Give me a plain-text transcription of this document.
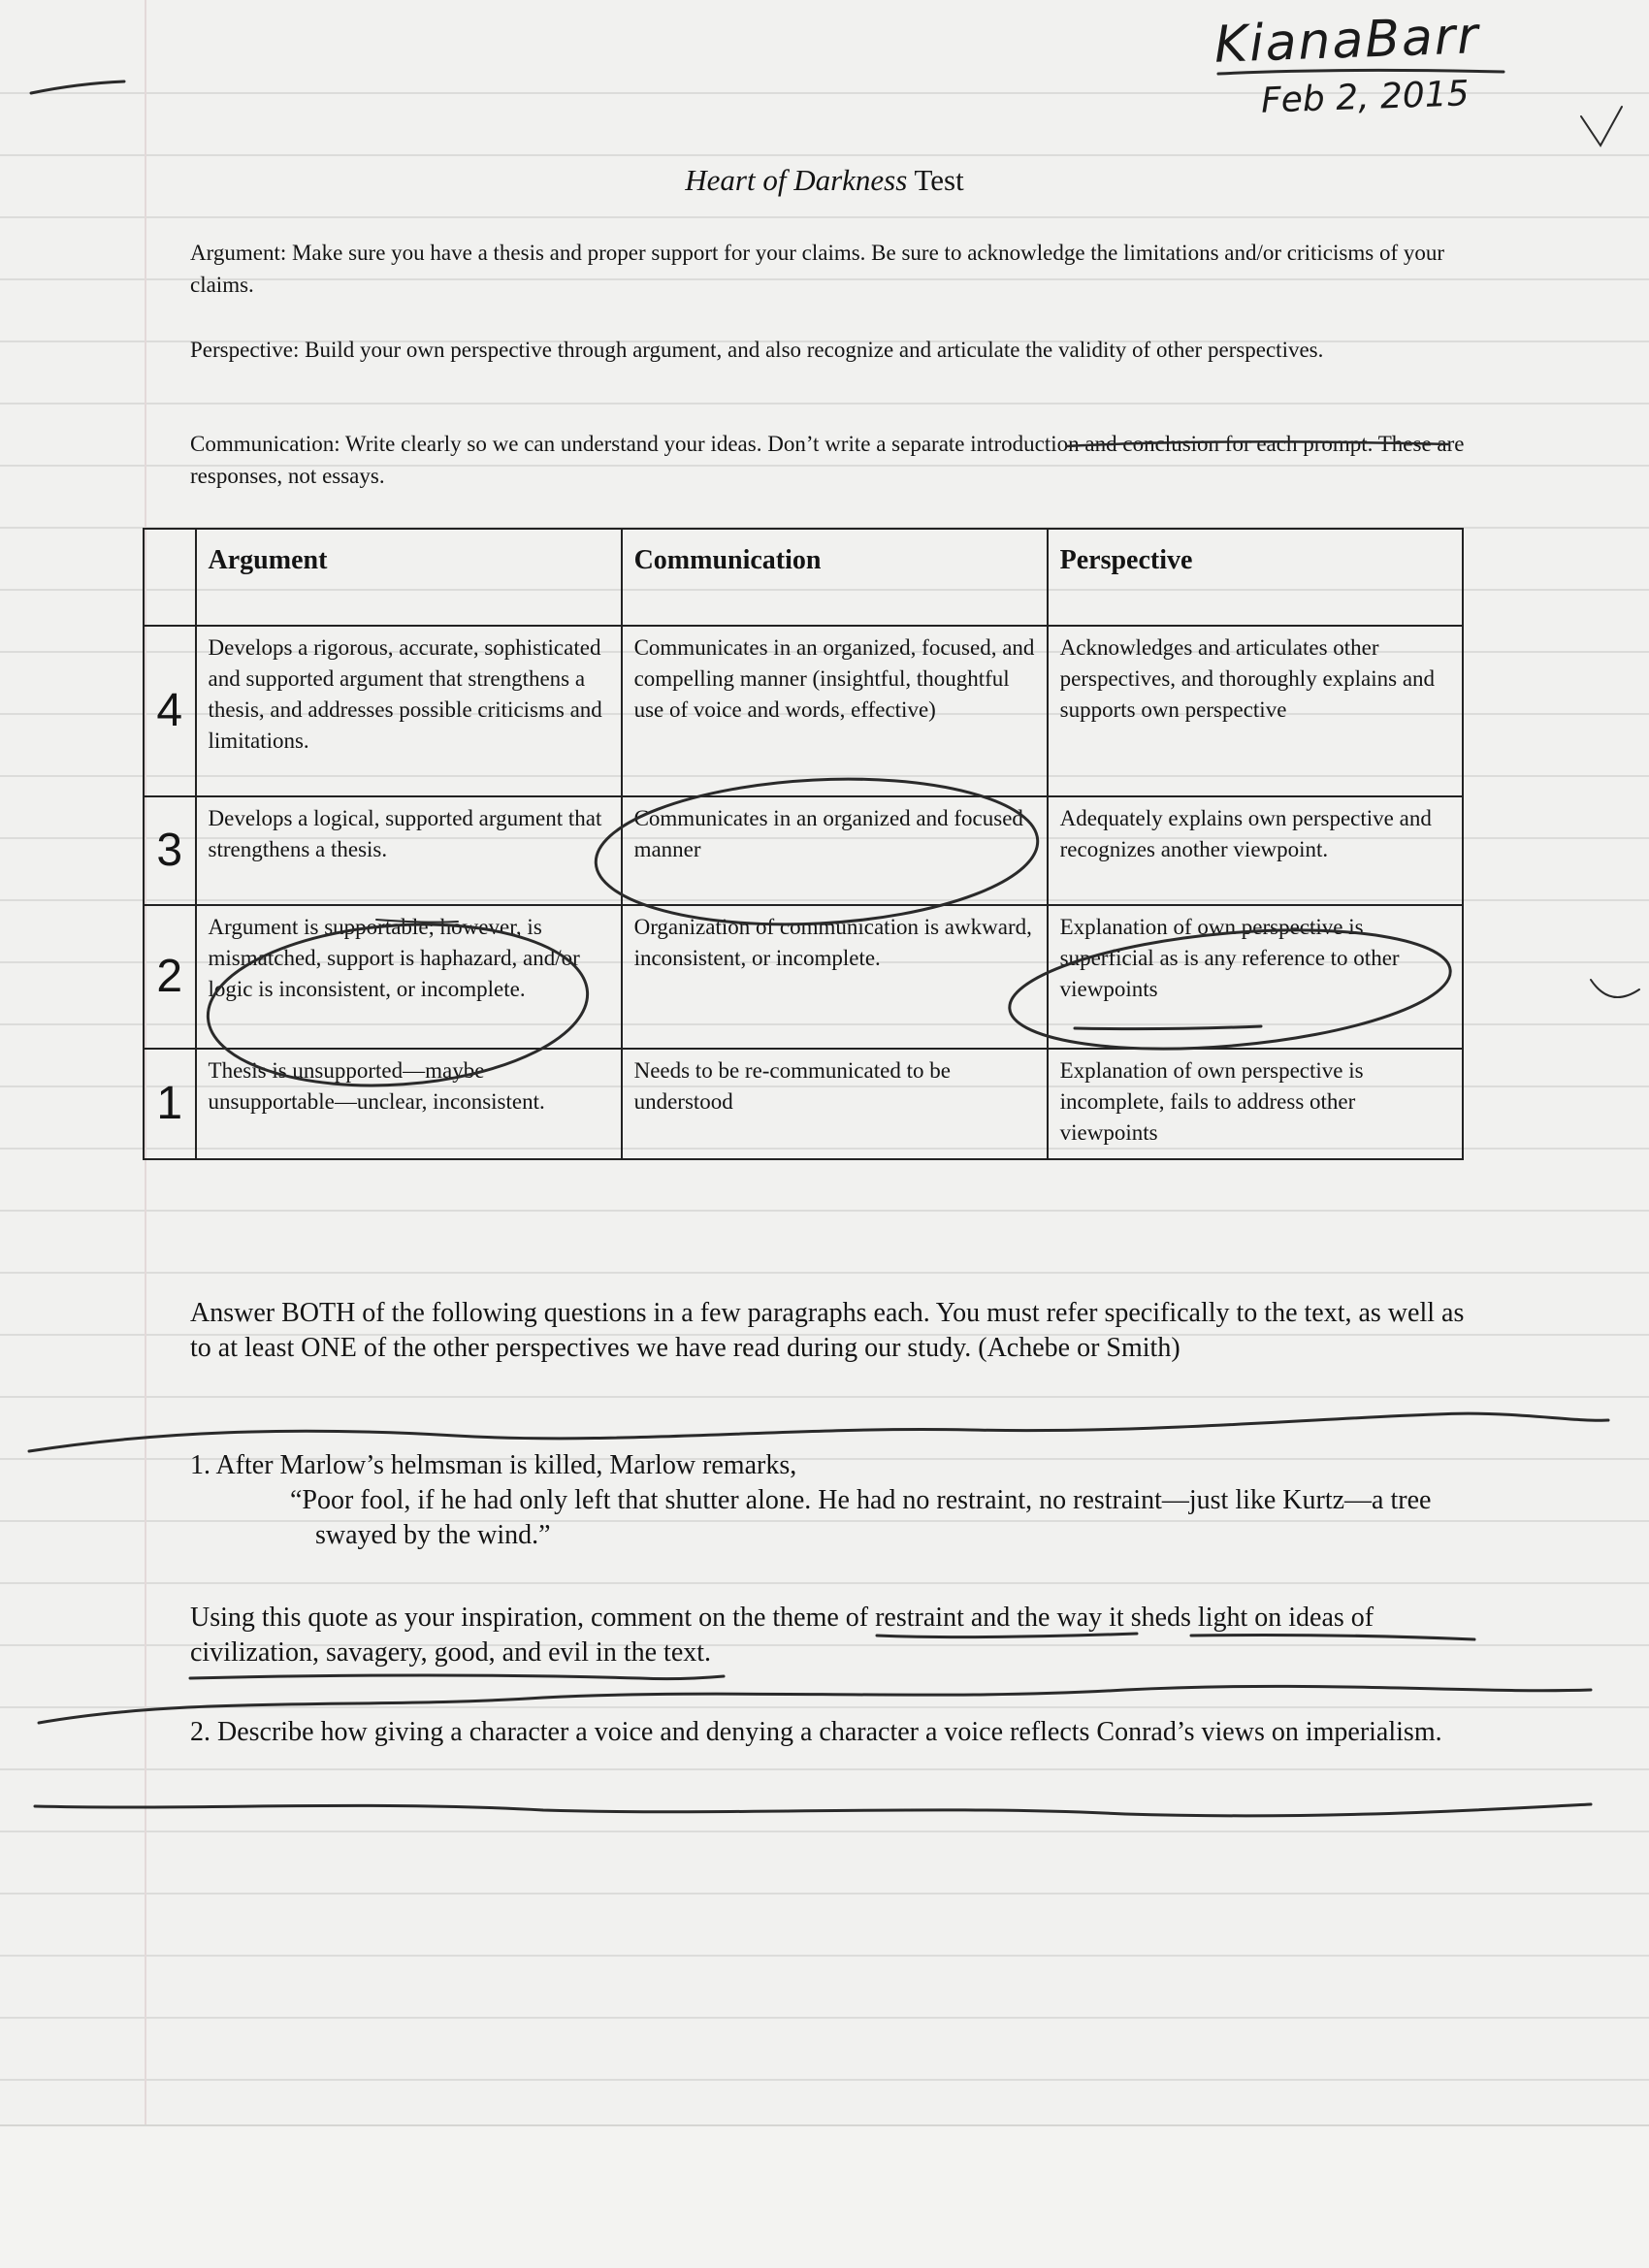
KianaBarr
Feb 2, 2015
Heart of Darkness Test
Argument: Make sure you have a thesis and proper support for your claims. Be sure to acknowledge the limitations and/or criticisms of your claims.
Perspective: Build your own perspective through argument, and also recognize and articulate the validity of other perspectives.
Communication: Write clearly so we can understand your ideas. Don’t write a separate introduction and conclusion for each prompt. These are responses, not essays.
	Argument	Communication	Perspective
4	Develops a rigorous, accurate, sophisticated and supported argument that strengthens a thesis, and addresses possible criticisms and limitations.	Communicates in an organized, focused, and compelling manner (insightful, thoughtful use of voice and words, effective)	Acknowledges and articulates other perspectives, and thoroughly explains and supports own perspective
3	Develops a logical, supported argument that strengthens a thesis.	Communicates in an organized and focused manner	Adequately explains own perspective and recognizes another viewpoint.
2	Argument is supportable; however, is mismatched, support is haphazard, and/or logic is inconsistent, or incomplete.	Organization of communication is awkward, inconsistent, or incomplete.	Explanation of own perspective is superficial as is any reference to other viewpoints
1	Thesis is unsupported—maybe unsupportable—unclear, inconsistent.	Needs to be re-communicated to be understood	Explanation of own perspective is incomplete, fails to address other viewpoints
Answer BOTH of the following questions in a few paragraphs each. You must refer specifically to the text, as well as to at least ONE of the other perspectives we have read during our study. (Achebe or Smith)
1. After Marlow’s helmsman is killed, Marlow remarks,
“Poor fool, if he had only left that shutter alone. He had no restraint, no restraint—just like Kurtz—a tree swayed by the wind.”
Using this quote as your inspiration, comment on the theme of restraint and the way it sheds light on ideas of civilization, savagery, good, and evil in the text.
2. Describe how giving a character a voice and denying a character a voice reflects Conrad’s views on imperialism.
